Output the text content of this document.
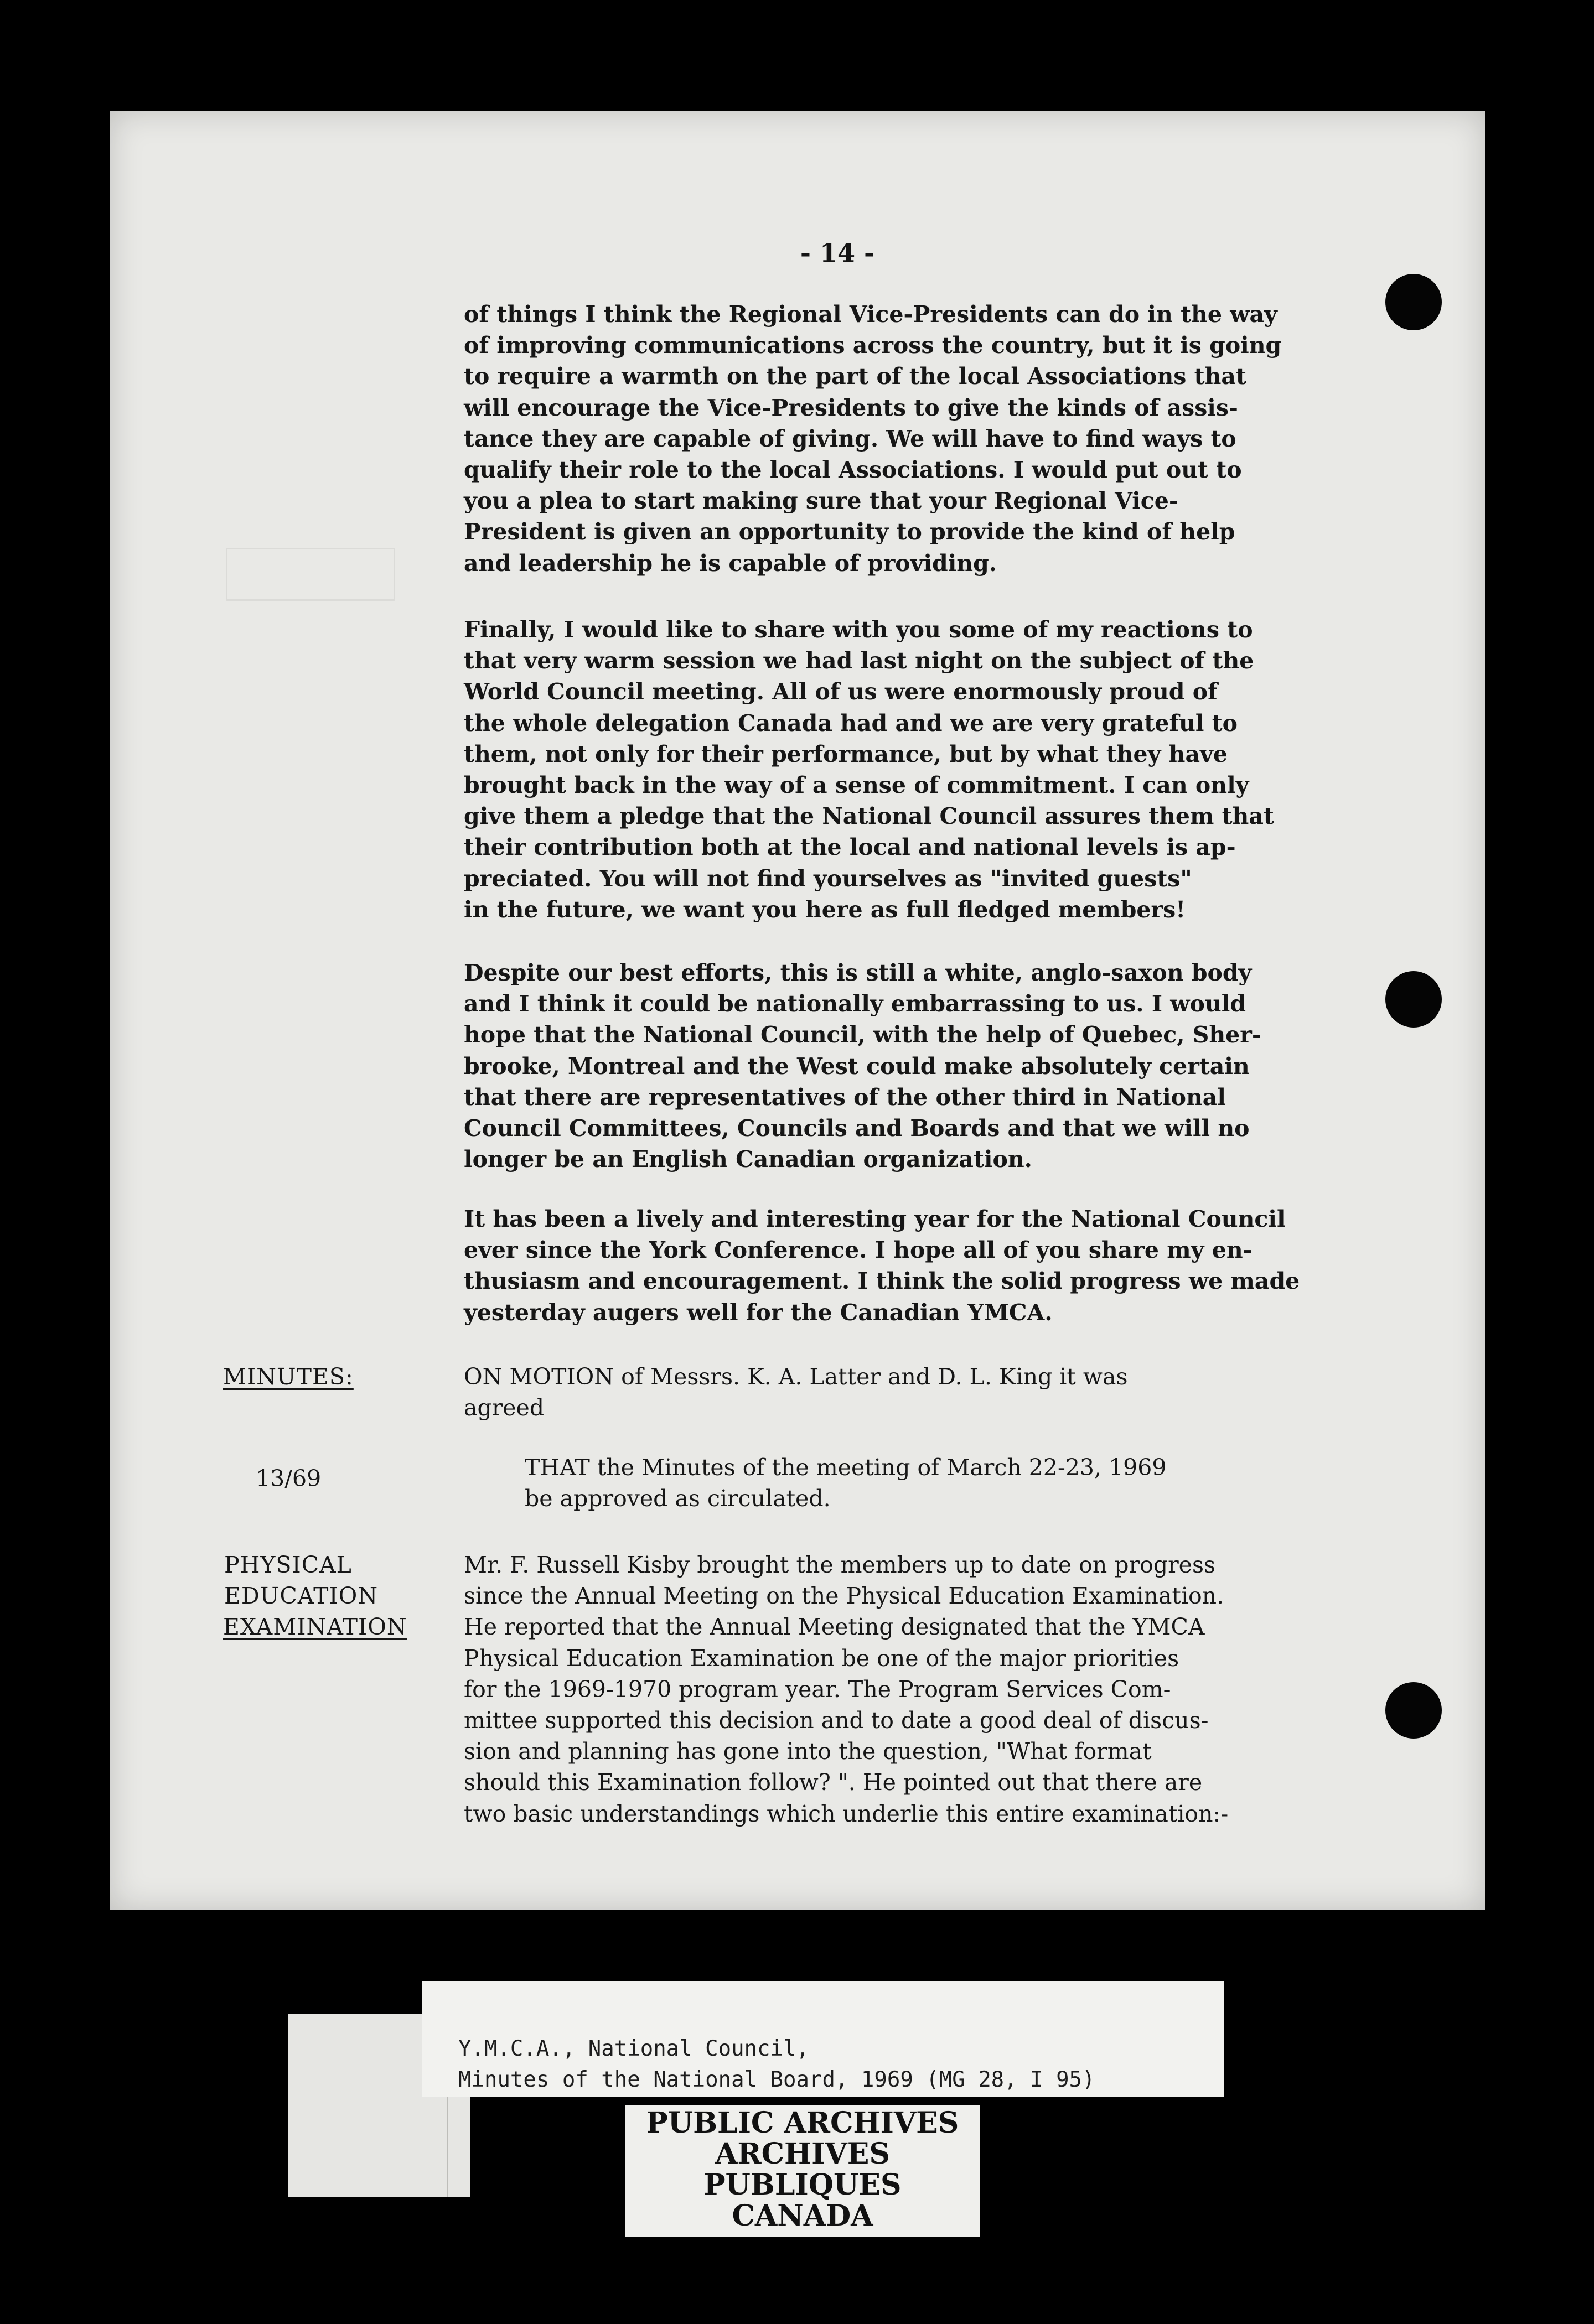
- 14 -

of things I think the Regional Vice-Presidents can do in the way
of improving communications across the country, but it is going
to require a warmth on the part of the local Associations that
will encourage the Vice-Presidents to give the kinds of assis-
tance they are capable of giving. We will have to find ways to
qualify their role to the local Associations. I would put out to
you a plea to start making sure that your Regional Vice-
President is given an opportunity to provide the kind of help
and leadership he is capable of providing.

Finally, I would like to share with you some of my reactions to
that very warm session we had last night on the subject of the
World Council meeting. All of us were enormously proud of
the whole delegation Canada had and we are very grateful to
them, not only for their performance, but by what they have
brought back in the way of a sense of commitment. I can only
give them a pledge that the National Council assures them that
their contribution both at the local and national levels is ap-
preciated. You will not find yourselves as "invited guests"
in the future, we want you here as full fledged members!

Despite our best efforts, this is still a white, anglo-saxon body
and I think it could be nationally embarrassing to us. I would
hope that the National Council, with the help of Quebec, Sher-
brooke, Montreal and the West could make absolutely certain
that there are representatives of the other third in National
Council Committees, Councils and Boards and that we will no
longer be an English Canadian organization.

It has been a lively and interesting year for the National Council
ever since the York Conference. I hope all of you share my en-
thusiasm and encouragement. I think the solid progress we made
yesterday augers well for the Canadian YMCA.

MINUTES:	ON MOTION of Messrs. K. A. Latter and D. L. King it was
agreed

13/69	THAT the Minutes of the meeting of March 22-23, 1969
be approved as circulated.

PHYSICAL
EDUCATION
EXAMINATION

Mr. F. Russell Kisby brought the members up to date on progress
since the Annual Meeting on the Physical Education Examination.
He reported that the Annual Meeting designated that the YMCA
Physical Education Examination be one of the major priorities
for the 1969-1970 program year. The Program Services Com-
mittee supported this decision and to date a good deal of discus-
sion and planning has gone into the question, "What format
should this Examination follow? ". He pointed out that there are
two basic understandings which underlie this entire examination:-

Y.M.C.A., National Council,
Minutes of the National Board, 1969 (MG 28, I 95)
PUBLIC ARCHIVES
ARCHIVES PUBLIQUES
CANADA
